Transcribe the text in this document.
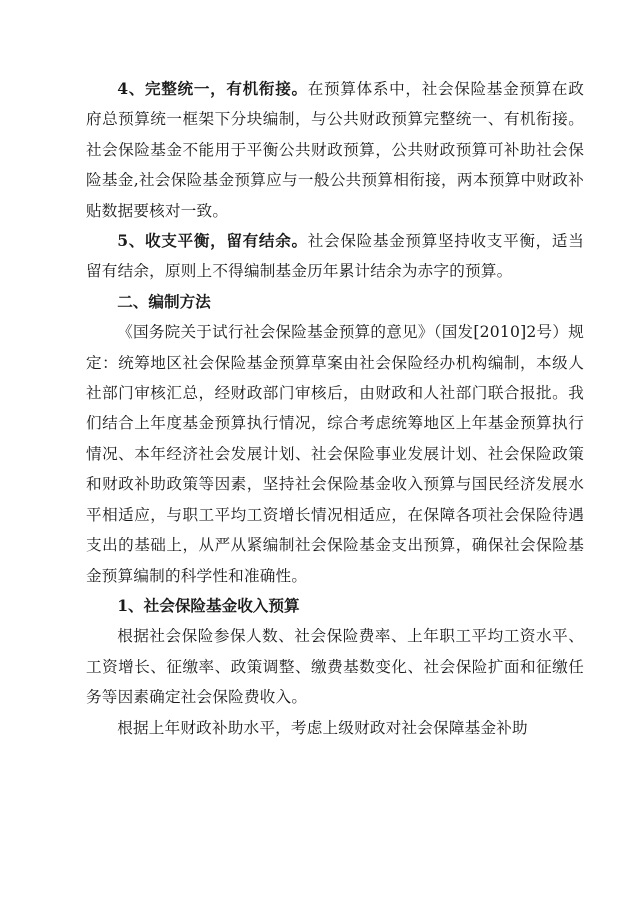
4、完整统一，有机衔接。在预算体系中，社会保险基金预算在政府总预算统一框架下分块编制，与公共财政预算完整统一、有机衔接。社会保险基金不能用于平衡公共财政预算，公共财政预算可补助社会保险基金,社会保险基金预算应与一般公共预算相衔接，两本预算中财政补贴数据要核对一致。

5、收支平衡，留有结余。社会保险基金预算坚持收支平衡，适当留有结余，原则上不得编制基金历年累计结余为赤字的预算。

二、编制方法

《国务院关于试行社会保险基金预算的意见》（国发[2010]2号）规定：统筹地区社会保险基金预算草案由社会保险经办机构编制，本级人社部门审核汇总，经财政部门审核后，由财政和人社部门联合报批。我们结合上年度基金预算执行情况，综合考虑统筹地区上年基金预算执行情况、本年经济社会发展计划、社会保险事业发展计划、社会保险政策和财政补助政策等因素，坚持社会保险基金收入预算与国民经济发展水平相适应，与职工平均工资增长情况相适应，在保障各项社会保险待遇支出的基础上，从严从紧编制社会保险基金支出预算，确保社会保险基金预算编制的科学性和准确性。

1、社会保险基金收入预算

根据社会保险参保人数、社会保险费率、上年职工平均工资水平、工资增长、征缴率、政策调整、缴费基数变化、社会保险扩面和征缴任务等因素确定社会保险费收入。

根据上年财政补助水平，考虑上级财政对社会保障基金补助
